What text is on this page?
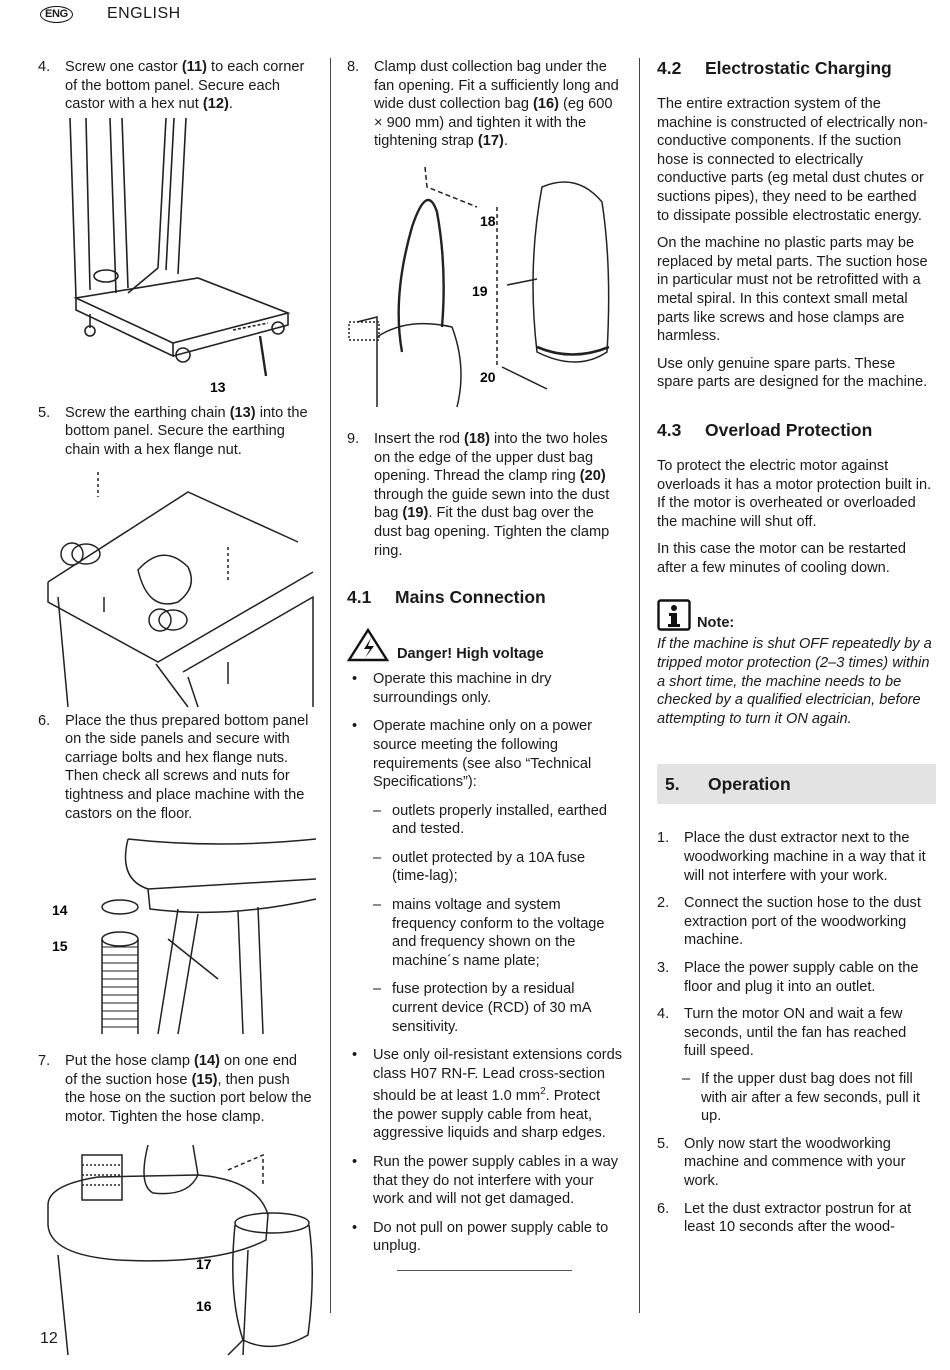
ENG	ENGLISH
4.	Screw one castor (11) to each corner of the bottom panel. Secure each castor with a hex nut (12).
13
5.	Screw the earthing chain (13) into the bottom panel. Secure the earthing chain with a hex flange nut.
6.	Place the thus prepared bottom panel on the side panels and secure with carriage bolts and hex flange nuts. Then check all screws and nuts for tightness and place machine with the castors on the floor.
14
15
7.	Put the hose clamp (14) on one end of the suction hose (15), then push the hose on the suction port below the motor. Tighten the hose clamp.
17
16
8.	Clamp dust collection bag under the fan opening. Fit a sufficiently long and wide dust collection bag (16) (eg 600 × 900 mm) and tighten it with the tightening strap (17).
18
19
20
9.	Insert the rod (18) into the two holes on the edge of the upper dust bag opening. Thread the clamp ring (20) through the guide sewn into the dust bag (19). Fit the dust bag over the dust bag opening. Tighten the clamp ring.
4.1	Mains Connection
Danger! High voltage
•	Operate this machine in dry surroundings only.
•	Operate machine only on a power source meeting the following requirements (see also “Technical Specifications”):
– outlets properly installed, earthed and tested.
– outlet protected by a 10A fuse (time-lag);
– mains voltage and system frequency conform to the voltage and frequency shown on the machine´s name plate;
– fuse protection by a residual current device (RCD) of 30 mA sensitivity.
•	Use only oil-resistant extensions cords class H07 RN-F. Lead cross-section should be at least 1.0 $mm^2$. Protect the power supply cable from heat, aggressive liquids and sharp edges.
•	Run the power supply cables in a way that they do not interfere with your work and will not get damaged.
•	Do not pull on power supply cable to unplug.
4.2	Electrostatic Charging

The entire extraction system of the machine is constructed of electrically non-conductive components. If the suction hose is connected to electrically conductive parts (eg metal dust chutes or suctions pipes), they need to be earthed to dissipate possible electrostatic energy.

On the machine no plastic parts may be replaced by metal parts. The suction hose in particular must not be retrofitted with a metal spiral. In this context small metal parts like screws and hose clamps are harmless.

Use only genuine spare parts. These spare parts are designed for the machine.

4.3	Overload Protection

To protect the electric motor against overloads it has a motor protection built in. If the motor is overheated or overloaded the machine will shut off.

In this case the motor can be restarted after a few minutes of cooling down.

Note:

If the machine is shut OFF repeatedly by a tripped motor protection (2–3 times) within a short time, the machine needs to be checked by a qualified electrician, before attempting to turn it ON again.

5.	Operation
1.	Place the dust extractor next to the woodworking machine in a way that it will not interfere with your work.
2.	Connect the suction hose to the dust extraction port of the woodworking machine.
3.	Place the power supply cable on the floor and plug it into an outlet.
4.	Turn the motor ON and wait a few seconds, until the fan has reached fuill speed.
– If the upper dust bag does not fill with air after a few seconds, pull it up.
5.	Only now start the woodworking machine and commence with your work.
6.	Let the dust extractor postrun for at least 10 seconds after the wood-
12
